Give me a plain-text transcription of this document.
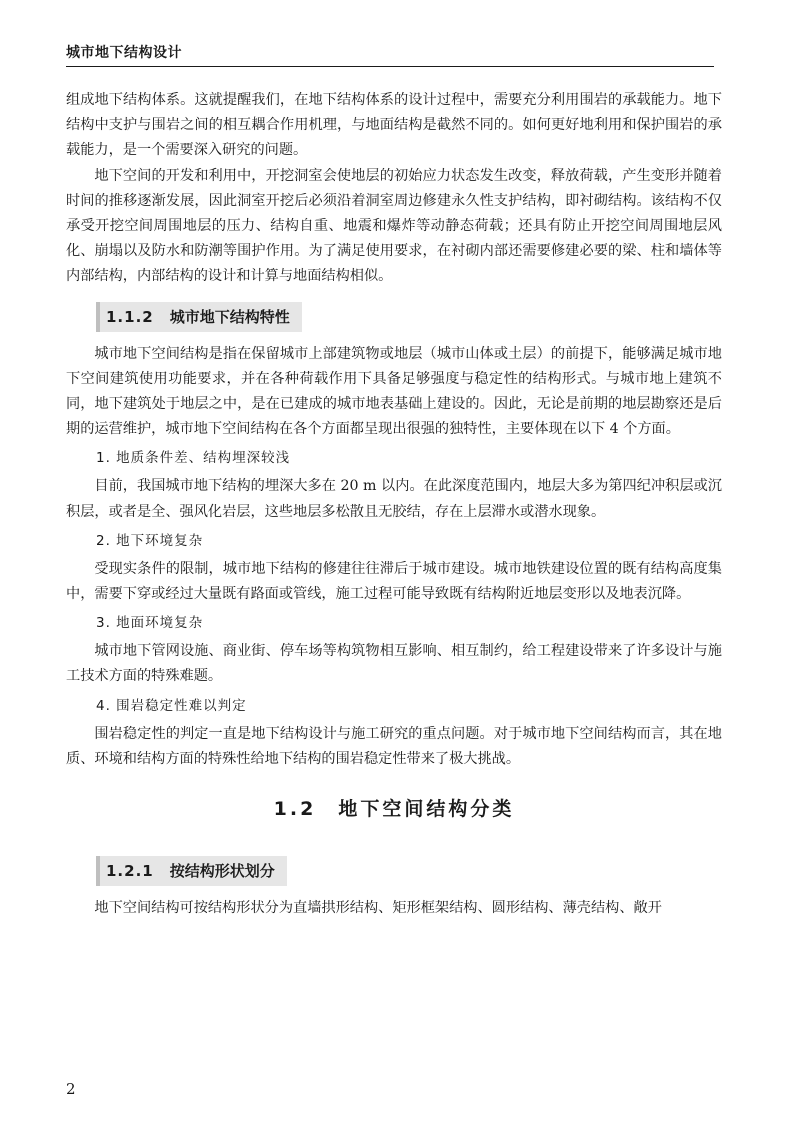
城市地下结构设计

组成地下结构体系。这就提醒我们，在地下结构体系的设计过程中，需要充分利用围岩的承载能力。地下结构中支护与围岩之间的相互耦合作用机理，与地面结构是截然不同的。如何更好地利用和保护围岩的承载能力，是一个需要深入研究的问题。

地下空间的开发和利用中，开挖洞室会使地层的初始应力状态发生改变，释放荷载，产生变形并随着时间的推移逐渐发展，因此洞室开挖后必须沿着洞室周边修建永久性支护结构，即衬砌结构。该结构不仅承受开挖空间周围地层的压力、结构自重、地震和爆炸等动静态荷载；还具有防止开挖空间周围地层风化、崩塌以及防水和防潮等围护作用。为了满足使用要求，在衬砌内部还需要修建必要的梁、柱和墙体等内部结构，内部结构的设计和计算与地面结构相似。

1.1.2 城市地下结构特性

城市地下空间结构是指在保留城市上部建筑物或地层（城市山体或土层）的前提下，能够满足城市地下空间建筑使用功能要求，并在各种荷载作用下具备足够强度与稳定性的结构形式。与城市地上建筑不同，地下建筑处于地层之中，是在已建成的城市地表基础上建设的。因此，无论是前期的地层勘察还是后期的运营维护，城市地下空间结构在各个方面都呈现出很强的独特性，主要体现在以下 4 个方面。

1. 地质条件差、结构埋深较浅

目前，我国城市地下结构的埋深大多在 20 m 以内。在此深度范围内，地层大多为第四纪冲积层或沉积层，或者是全、强风化岩层，这些地层多松散且无胶结，存在上层滞水或潜水现象。

2. 地下环境复杂

受现实条件的限制，城市地下结构的修建往往滞后于城市建设。城市地铁建设位置的既有结构高度集中，需要下穿或经过大量既有路面或管线，施工过程可能导致既有结构附近地层变形以及地表沉降。

3. 地面环境复杂

城市地下管网设施、商业街、停车场等构筑物相互影响、相互制约，给工程建设带来了许多设计与施工技术方面的特殊难题。

4. 围岩稳定性难以判定

围岩稳定性的判定一直是地下结构设计与施工研究的重点问题。对于城市地下空间结构而言，其在地质、环境和结构方面的特殊性给地下结构的围岩稳定性带来了极大挑战。

1.2 地下空间结构分类
1.2.1 按结构形状划分

地下空间结构可按结构形状分为直墙拱形结构、矩形框架结构、圆形结构、薄壳结构、敞开

2
